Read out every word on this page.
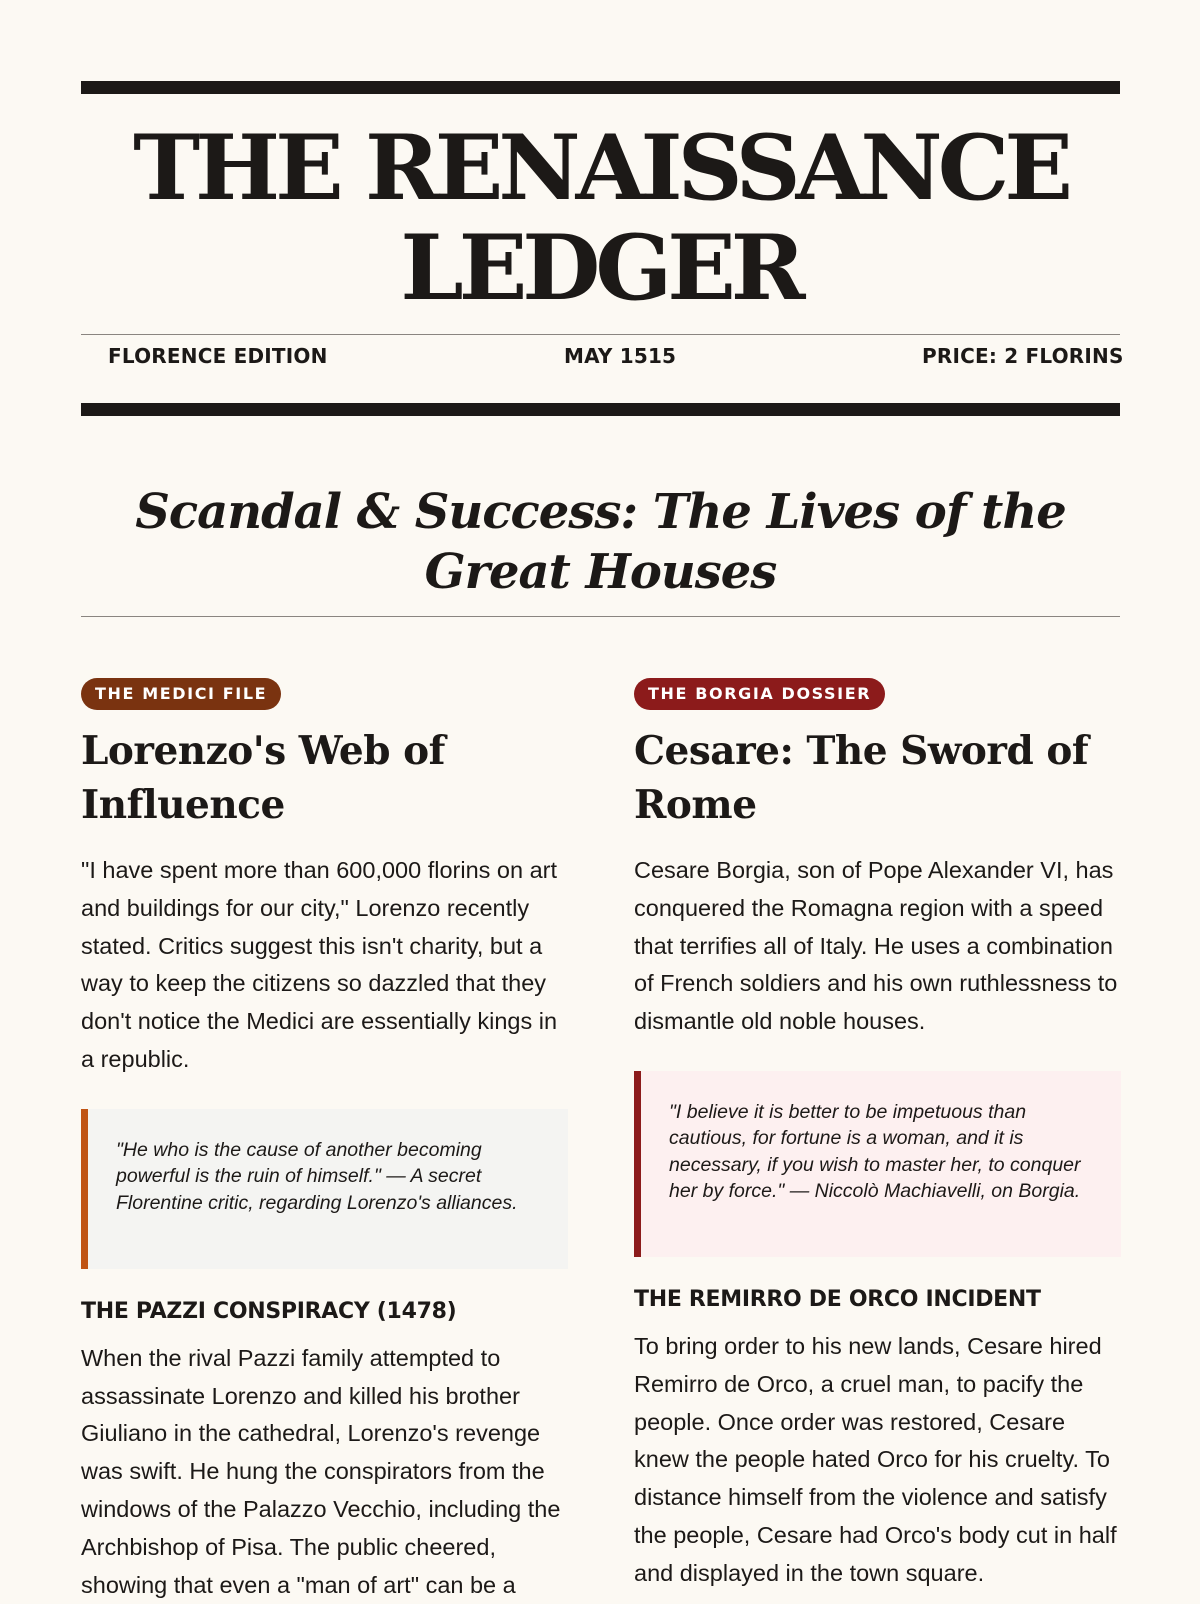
THE RENAISSANCE LEDGER
FLORENCE EDITION	MAY 1515	PRICE: 2 FLORINS
Scandal & Success: The Lives of the Great Houses
THE MEDICI FILE
Lorenzo's Web of Influence

"I have spent more than 600,000 florins on art and buildings for our city," Lorenzo recently stated. Critics suggest this isn't charity, but a way to keep the citizens so dazzled that they don't notice the Medici are essentially kings in a republic.

"He who is the cause of another becoming powerful is the ruin of himself." — A secret Florentine critic, regarding Lorenzo's alliances.

THE PAZZI CONSPIRACY (1478)

When the rival Pazzi family attempted to assassinate Lorenzo and killed his brother Giuliano in the cathedral, Lorenzo's revenge was swift. He hung the conspirators from the windows of the Palazzo Vecchio, including the Archbishop of Pisa. The public cheered, showing that even a "man of art" can be a

THE BORGIA DOSSIER
Cesare: The Sword of Rome

Cesare Borgia, son of Pope Alexander VI, has conquered the Romagna region with a speed that terrifies all of Italy. He uses a combination of French soldiers and his own ruthlessness to dismantle old noble houses.

"I believe it is better to be impetuous than cautious, for fortune is a woman, and it is necessary, if you wish to master her, to conquer her by force." — Niccolò Machiavelli, on Borgia.

THE REMIRRO DE ORCO INCIDENT

To bring order to his new lands, Cesare hired Remirro de Orco, a cruel man, to pacify the people. Once order was restored, Cesare knew the people hated Orco for his cruelty. To distance himself from the violence and satisfy the people, Cesare had Orco's body cut in half and displayed in the town square.
